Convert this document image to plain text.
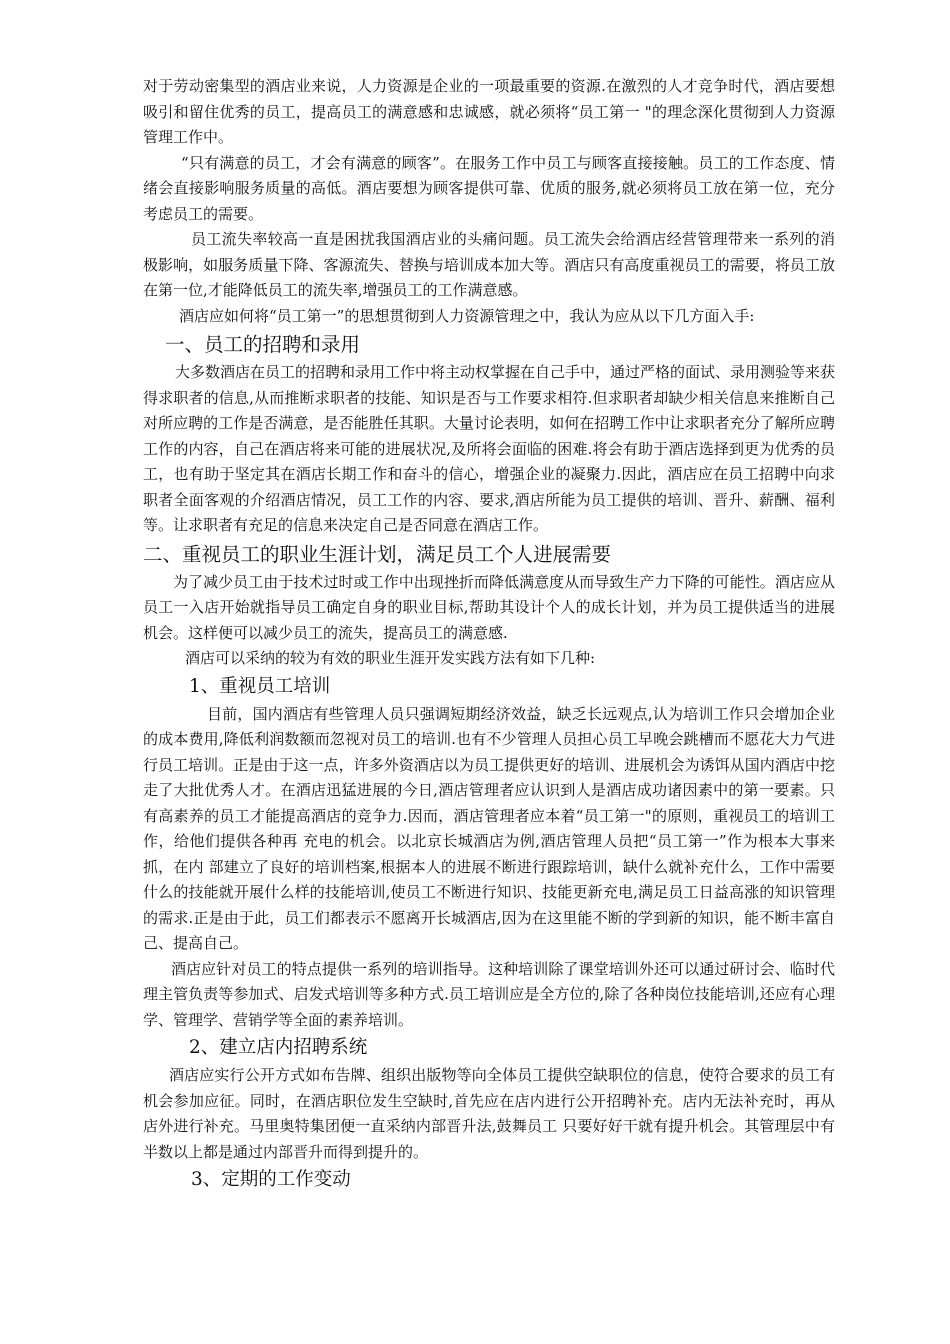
对于劳动密集型的酒店业来说，人力资源是企业的一项最重要的资源.在激烈的人才竞争时代，酒店要想吸引和留住优秀的员工，提高员工的满意感和忠诚感，就必须将“员工第一 "的理念深化贯彻到人力资源管理工作中。

“只有满意的员工，才会有满意的顾客”。在服务工作中员工与顾客直接接触。员工的工作态度、情绪会直接影响服务质量的高低。酒店要想为顾客提供可靠、优质的服务,就必须将员工放在第一位，充分考虑员工的需要。

员工流失率较高一直是困扰我国酒店业的头痛问题。员工流失会给酒店经营管理带来一系列的消极影响，如服务质量下降、客源流失、替换与培训成本加大等。酒店只有高度重视员工的需要，将员工放在第一位,才能降低员工的流失率,增强员工的工作满意感。

酒店应如何将“员工第一”的思想贯彻到人力资源管理之中，我认为应从以下几方面入手:

一、员工的招聘和录用

大多数酒店在员工的招聘和录用工作中将主动权掌握在自己手中，通过严格的面试、录用测验等来获得求职者的信息,从而推断求职者的技能、知识是否与工作要求相符.但求职者却缺少相关信息来推断自己对所应聘的工作是否满意，是否能胜任其职。大量讨论表明，如何在招聘工作中让求职者充分了解所应聘工作的内容，自己在酒店将来可能的进展状况,及所将会面临的困难.将会有助于酒店选择到更为优秀的员工，也有助于坚定其在酒店长期工作和奋斗的信心，增强企业的凝聚力.因此，酒店应在员工招聘中向求职者全面客观的介绍酒店情况，员工工作的内容、要求,酒店所能为员工提供的培训、晋升、薪酬、福利等。让求职者有充足的信息来决定自己是否同意在酒店工作。

二、重视员工的职业生涯计划，满足员工个人进展需要

为了减少员工由于技术过时或工作中出现挫折而降低满意度从而导致生产力下降的可能性。酒店应从员工一入店开始就指导员工确定自身的职业目标,帮助其设计个人的成长计划，并为员工提供适当的进展机会。这样便可以减少员工的流失，提高员工的满意感.

酒店可以采纳的较为有效的职业生涯开发实践方法有如下几种:

1、重视员工培训

目前，国内酒店有些管理人员只强调短期经济效益，缺乏长远观点,认为培训工作只会增加企业的成本费用,降低利润数额而忽视对员工的培训.也有不少管理人员担心员工早晚会跳槽而不愿花大力气进行员工培训。正是由于这一点，许多外资酒店以为员工提供更好的培训、进展机会为诱饵从国内酒店中挖走了大批优秀人才。在酒店迅猛进展的今日,酒店管理者应认识到人是酒店成功诸因素中的第一要素。只有高素养的员工才能提高酒店的竞争力.因而，酒店管理者应本着“员工第一"的原则，重视员工的培训工作，给他们提供各种再 充电的机会。以北京长城酒店为例,酒店管理人员把“员工第一”作为根本大事来抓，在内 部建立了良好的培训档案,根据本人的进展不断进行跟踪培训，缺什么就补充什么，工作中需要什么的技能就开展什么样的技能培训,使员工不断进行知识、技能更新充电,满足员工日益高涨的知识管理的需求.正是由于此，员工们都表示不愿离开长城酒店,因为在这里能不断的学到新的知识，能不断丰富自己、提高自己。

酒店应针对员工的特点提供一系列的培训指导。这种培训除了课堂培训外还可以通过研讨会、临时代理主管负责等参加式、启发式培训等多种方式.员工培训应是全方位的,除了各种岗位技能培训,还应有心理学、管理学、营销学等全面的素养培训。

2、建立店内招聘系统

酒店应实行公开方式如布告牌、组织出版物等向全体员工提供空缺职位的信息，使符合要求的员工有机会参加应征。同时，在酒店职位发生空缺时,首先应在店内进行公开招聘补充。店内无法补充时，再从店外进行补充。马里奥特集团便一直采纳内部晋升法,鼓舞员工 只要好好干就有提升机会。其管理层中有半数以上都是通过内部晋升而得到提升的。

3、定期的工作变动
